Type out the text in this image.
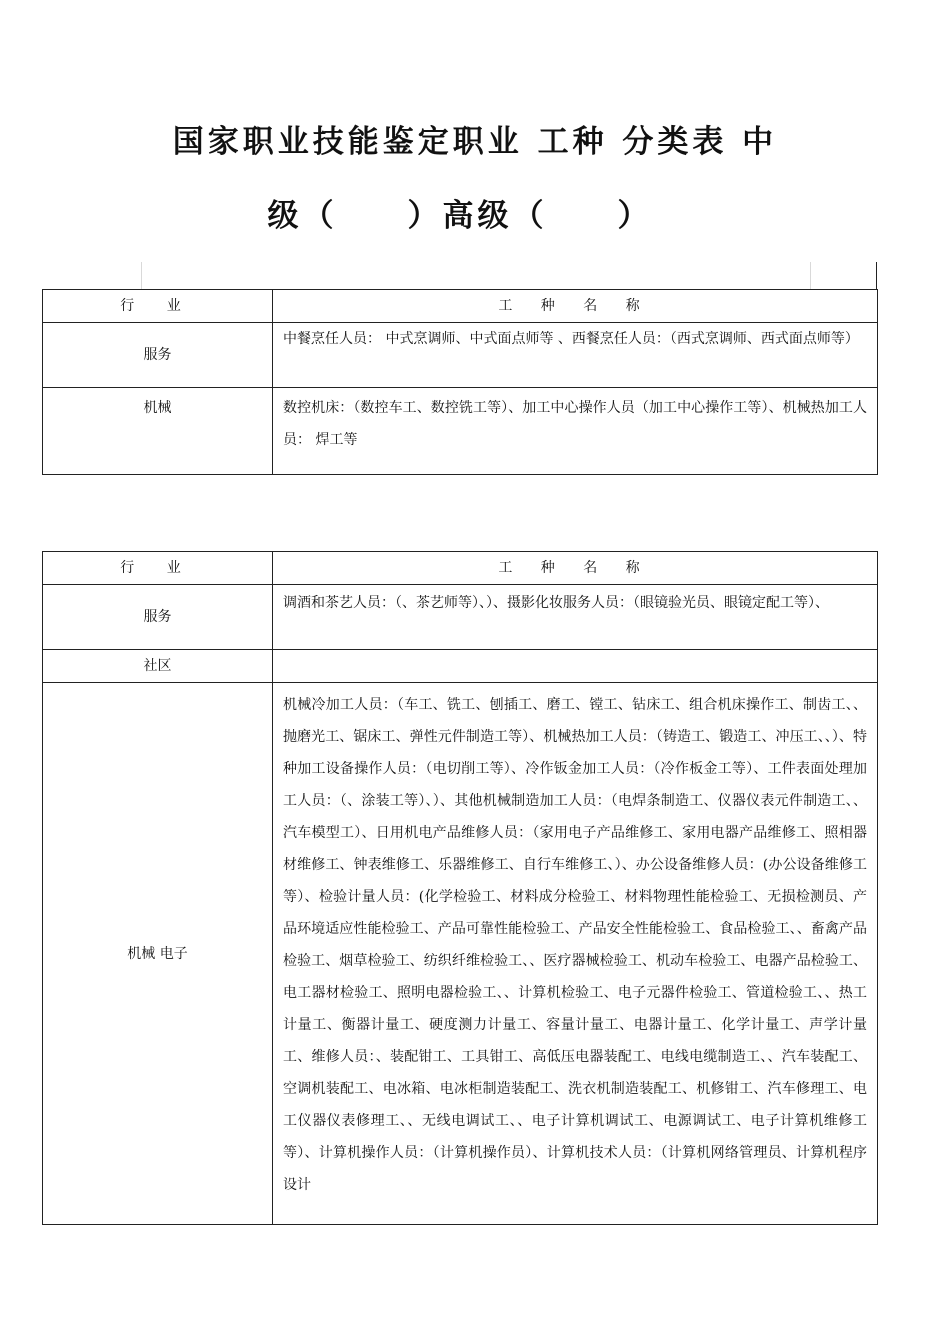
国家职业技能鉴定职业 工种 分类表 中
级（ ）高级（ ）
行 业	工 种 名 称
服务	中餐烹任人员： 中式烹调师、中式面点师等 、西餐烹任人员：（西式烹调师、西式面点师等）
机械	数控机床：（数控车工、数控铣工等）、加工中心操作人员（加工中心操作工等）、机械热加工人员： 焊工等
行 业	工 种 名 称
服务	调酒和茶艺人员：（、茶艺师等）、）、摄影化妆服务人员：（眼镜验光员、眼镜定配工等）、
社区	
机械 电子	机械冷加工人员：（车工、铣工、刨插工、磨工、镗工、钻床工、组合机床操作工、制齿工、、抛磨光工、锯床工、弹性元件制造工等）、机械热加工人员：（铸造工、锻造工、冲压工、、）、特种加工设备操作人员：（电切削工等）、冷作钣金加工人员：（冷作板金工等）、工件表面处理加工人员：（、涂装工等）、）、其他机械制造加工人员：（电焊条制造工、仪器仪表元件制造工、、汽车模型工）、日用机电产品维修人员：（家用电子产品维修工、家用电器产品维修工、照相器材维修工、钟表维修工、乐器维修工、自行车维修工、）、办公设备维修人员：(办公设备维修工等）、检验计量人员：(化学检验工、材料成分检验工、材料物理性能检验工、无损检测员、产品环境适应性能检验工、产品可靠性能检验工、产品安全性能检验工、食品检验工、、畜禽产品检验工、烟草检验工、纺织纤维检验工、、医疗器械检验工、机动车检验工、电器产品检验工、电工器材检验工、照明电器检验工、、计算机检验工、电子元器件检验工、管道检验工、、热工计量工、衡器计量工、硬度测力计量工、容量计量工、电器计量工、化学计量工、声学计量工、维修人员：、装配钳工、工具钳工、高低压电器装配工、电线电缆制造工、、汽车装配工、空调机装配工、电冰箱、电冰柜制造装配工、洗衣机制造装配工、机修钳工、汽车修理工、电工仪器仪表修理工、、无线电调试工、、电子计算机调试工、电源调试工、电子计算机维修工等）、计算机操作人员：（计算机操作员）、计算机技术人员：（计算机网络管理员、计算机程序设计
